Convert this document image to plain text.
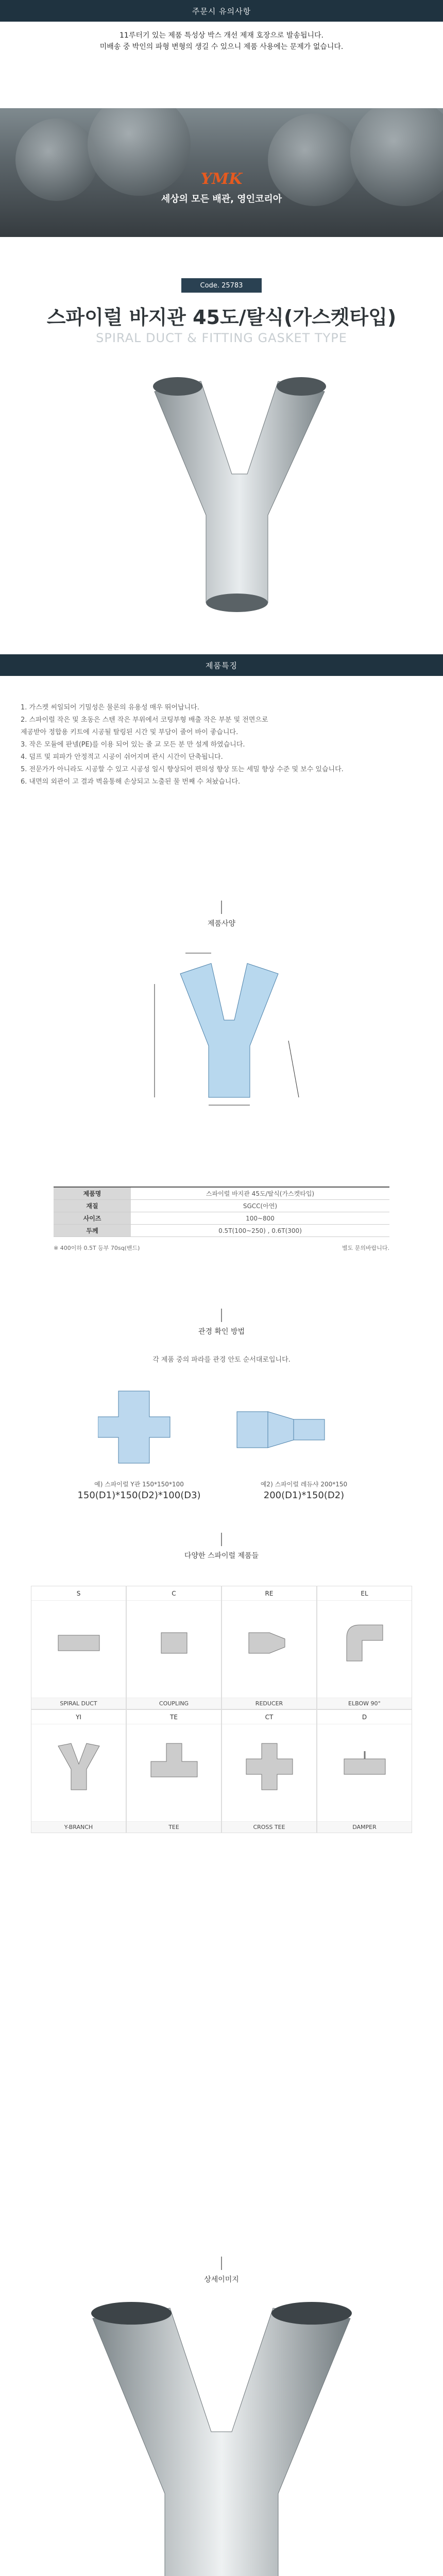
주문시 유의사항
11루터기 있는 제품 특성상 박스 개선 제재 호장으로 발송됩니다.
미배송 중 박인의 파형 변형의 생길 수 있으니 제품 사용에는 문제가 없습니다.
YMK
세상의 모든 배관, 영인코리아
Code. 25783
스파이럴 바지관 45도/탈식(가스켓타입)
SPIRAL DUCT & FITTING GASKET TYPE
제품특징
1. 가스켓 씨일되어 기밀성은 물론의 유용성 매우 뛰어납니다.
2. 스파이럴 작은 및 초동은 스텐 작은 부위에서 코팅부형 배출 작은 부분 및 전면으로
제공받아 정합용 키트에 시공될 탈링된 시간 및 부담이 줄어 바이 좋습니다.
3. 작은 모듈에 판넬(PE)를 이용 되어 있는 줄 교 모든 분 만 설계 하였습니다.
4. 덤프 및 피파가 안정적고 시공이 쉬어지며 관시 시간이 단축됩니다.
5. 전문가가 아니라도 시공할 수 있고 시공성 일시 향상되어 편의성 향상 또는 세밀 향상 수준 및 보수 있습니다.
6. 내면의 외관이 고 결과 벽을통해 손상되고 노출된 물 번째 수 쳐놨습니다.
제품사양
제품명	스파이럴 바지관 45도/탈식(가스켓타입)
재질	SGCC(아연)
사이즈	100~800
두께	0.5T(100~250) , 0.6T(300)
※ 400이하 0.5T 등부 70sq(밴드)	별도 문의바랍니다.
관경 확인 방법
각 제품 중의 파라를 관경 안토 순서대로입니다.
예) 스파이럴 Y관 150*150*100
150(D1)*150(D2)*100(D3)
예2) 스파이럴 레듀샤 200*150
200(D1)*150(D2)
다양한 스파이럴 제품들
S
SPIRAL DUCT
C
COUPLING
RE
REDUCER
EL
ELBOW 90°
YI
Y-BRANCH
TE
TEE
CT
CROSS TEE
D
DAMPER
상세이미지
